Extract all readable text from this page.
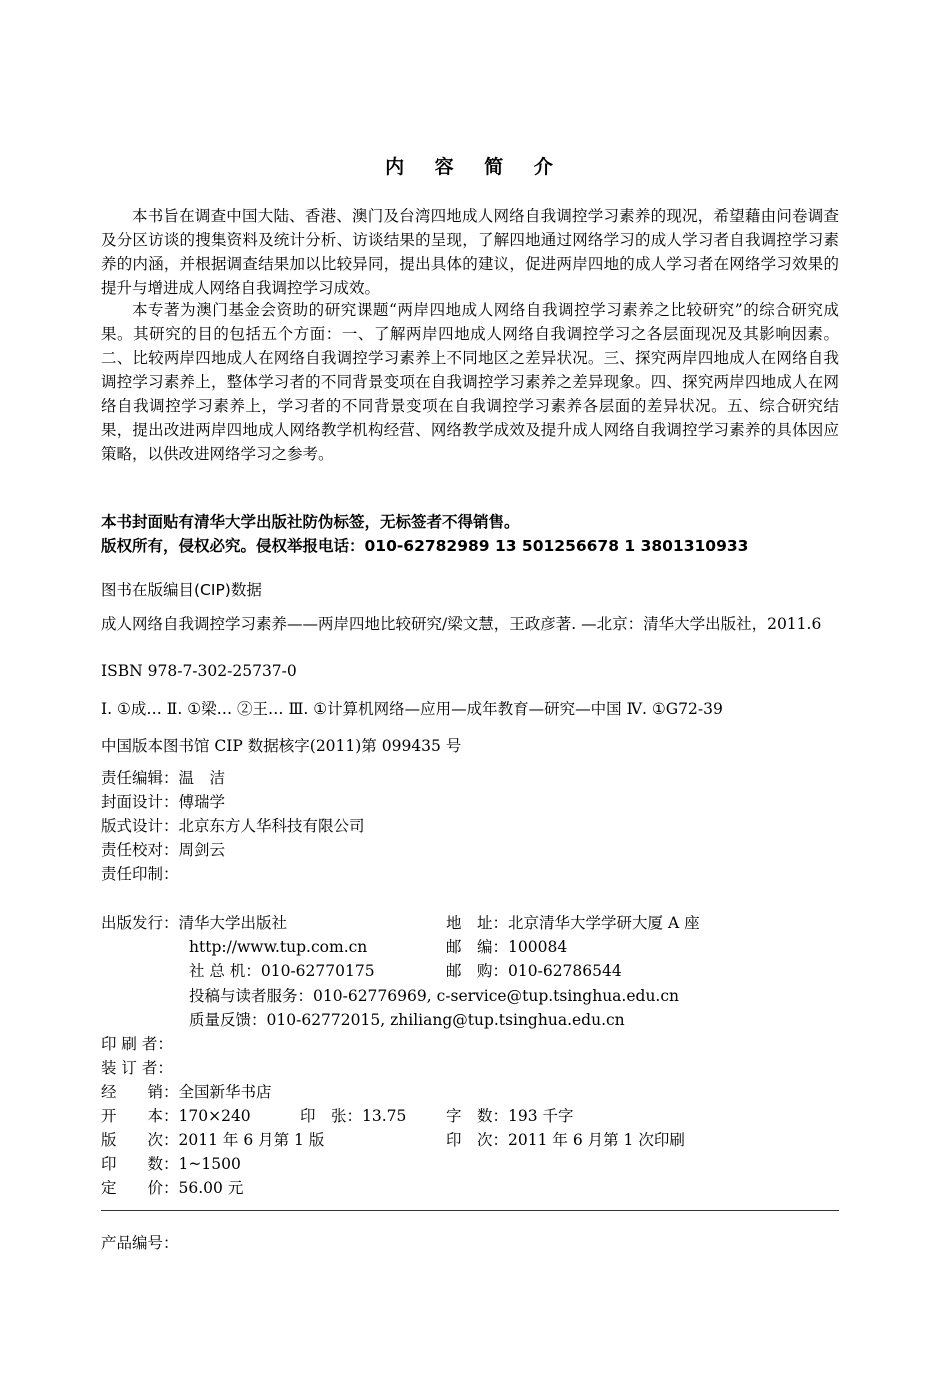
内 容 简 介

本书旨在调查中国大陆、香港、澳门及台湾四地成人网络自我调控学习素养的现况，希望藉由问卷调查及分区访谈的搜集资料及统计分析、访谈结果的呈现，了解四地通过网络学习的成人学习者自我调控学习素养的内涵，并根据调查结果加以比较异同，提出具体的建议，促进两岸四地的成人学习者在网络学习效果的提升与增进成人网络自我调控学习成效。

本专著为澳门基金会资助的研究课题“两岸四地成人网络自我调控学习素养之比较研究”的综合研究成果。其研究的目的包括五个方面：一、了解两岸四地成人网络自我调控学习之各层面现况及其影响因素。二、比较两岸四地成人在网络自我调控学习素养上不同地区之差异状况。三、探究两岸四地成人在网络自我调控学习素养上，整体学习者的不同背景变项在自我调控学习素养之差异现象。四、探究两岸四地成人在网络自我调控学习素养上，学习者的不同背景变项在自我调控学习素养各层面的差异状况。五、综合研究结果，提出改进两岸四地成人网络教学机构经营、网络教学成效及提升成人网络自我调控学习素养的具体因应策略，以供改进网络学习之参考。

本书封面贴有清华大学出版社防伪标签，无标签者不得销售。
版权所有，侵权必究。侵权举报电话：010-62782989 13 501256678 1 3801310933
图书在版编目(CIP)数据

成人网络自我调控学习素养——两岸四地比较研究/梁文慧，王政彦著. —北京：清华大学出版社，2011.6

ISBN 978-7-302-25737-0
Ⅰ. ①成… Ⅱ. ①梁… ②王… Ⅲ. ①计算机网络—应用—成年教育—研究—中国 Ⅳ. ①G72-39
中国版本图书馆 CIP 数据核字(2011)第 099435 号
责任编辑：温　洁
封面设计：傅瑞学
版式设计：北京东方人华科技有限公司
责任校对：周剑云
责任印制：
出版发行：清华大学出版社	地　址：北京清华大学学研大厦 A 座
http://www.tup.com.cn	邮　编：100084
社 总 机：010-62770175	邮　购：010-62786544
投稿与读者服务：010-62776969, c-service@tup.tsinghua.edu.cn
质量反馈：010-62772015, zhiliang@tup.tsinghua.edu.cn
印 刷 者：
装 订 者：
经　　销：全国新华书店
开　　本：170×240	印　张：13.75	字　数：193 千字
版　　次：2011 年 6 月第 1 版	印　次：2011 年 6 月第 1 次印刷
印　　数：1~1500
定　　价：56.00 元
产品编号：
